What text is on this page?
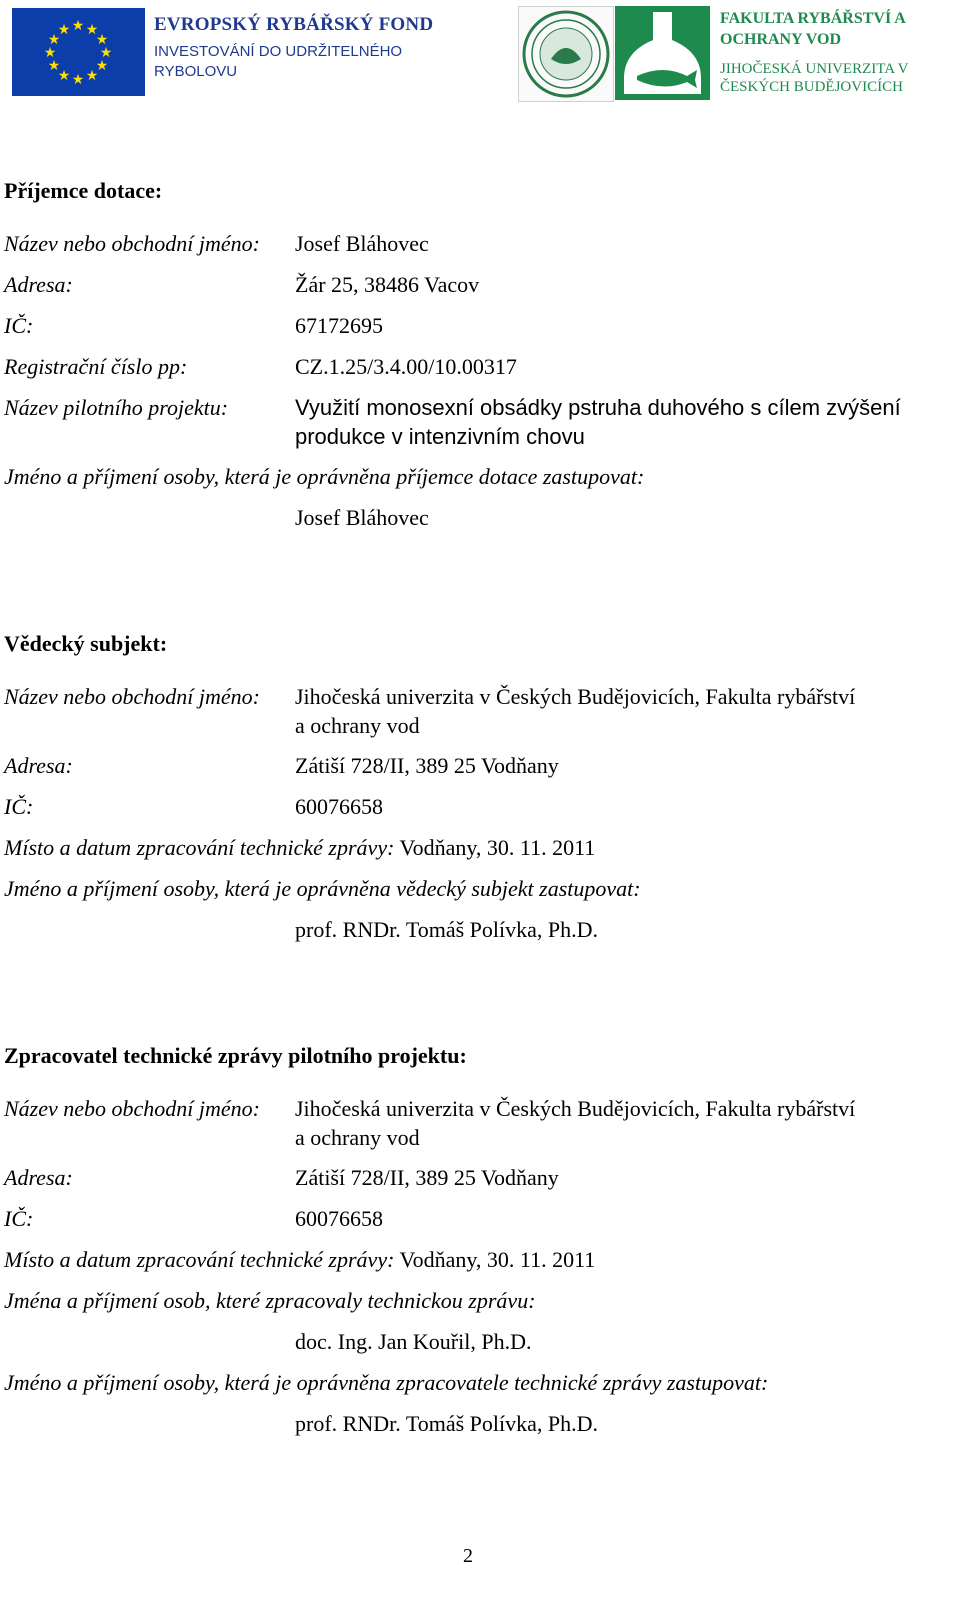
★ ★
★
★
★
★
★
★
★
★
★
★	EVROPSKÝ RYBÁŘSKÝ FOND
INVESTOVÁNÍ DO UDRŽITELNÉHO RYBOLOVU
FAKULTA RYBÁŘSTVÍ A OCHRANY VOD
JIHOČESKÁ UNIVERZITA V ČESKÝCH BUDĚJOVICÍCH
Příjemce dotace:
Název nebo obchodní jméno: Josef Bláhovec
Adresa:	Žár 25, 38486 Vacov
IČ:	67172695
Registrační číslo pp:	CZ.1.25/3.4.00/10.00317
Název pilotního projektu:	Využití monosexní obsádky pstruha duhového s cílem zvýšení produkce v intenzivním chovu
Jméno a příjmení osoby, která je oprávněna příjemce dotace zastupovat:
Josef Bláhovec
Vědecký subjekt:
Název nebo obchodní jméno: Jihočeská univerzita v Českých Budějovicích, Fakulta rybářství
a ochrany vod
Adresa:	Zátiší 728/II, 389 25 Vodňany
IČ:	60076658
Místo a datum zpracování technické zprávy: Vodňany, 30. 11. 2011
Jméno a příjmení osoby, která je oprávněna vědecký subjekt zastupovat:
prof. RNDr. Tomáš Polívka, Ph.D.
Zpracovatel technické zprávy pilotního projektu:
Název nebo obchodní jméno: Jihočeská univerzita v Českých Budějovicích, Fakulta rybářství
a ochrany vod
Adresa:	Zátiší 728/II, 389 25 Vodňany
IČ:	60076658
Místo a datum zpracování technické zprávy: Vodňany, 30. 11. 2011
Jména a příjmení osob, které zpracovaly technickou zprávu:
doc. Ing. Jan Kouřil, Ph.D.
Jméno a příjmení osoby, která je oprávněna zpracovatele technické zprávy zastupovat:
prof. RNDr. Tomáš Polívka, Ph.D.
2
